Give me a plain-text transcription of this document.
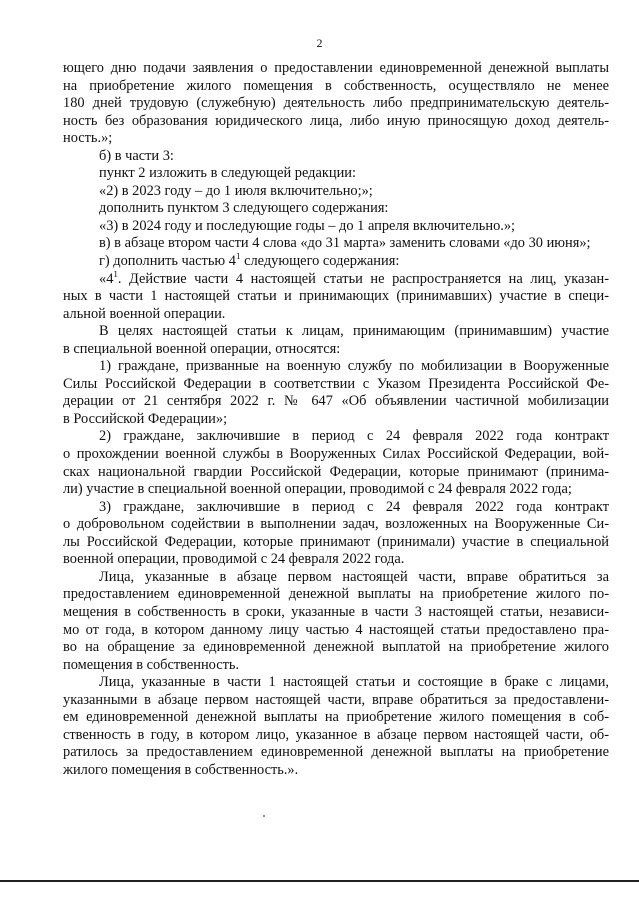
2
ющего дню подачи заявления о предоставлении единовременной денежной выплаты
на приобретение жилого помещения в собственность, осуществляло не менее
180 дней трудовую (служебную) деятельность либо предпринимательскую деятель-
ность без образования юридического лица, либо иную приносящую доход деятель-
ность.»;
б) в части 3:
пункт 2 изложить в следующей редакции:
«2) в 2023 году – до 1 июля включительно;»;
дополнить пунктом 3 следующего содержания:
«3) в 2024 году и последующие годы – до 1 апреля включительно.»;
в) в абзаце втором части 4 слова «до 31 марта» заменить словами «до 30 июня»;
г) дополнить частью $4^1$ следующего содержания:
«$4^1$. Действие части 4 настоящей статьи не распространяется на лиц, указан-
ных в части 1 настоящей статьи и принимающих (принимавших) участие в специ-
альной военной операции.
В целях настоящей статьи к лицам, принимающим (принимавшим) участие
в специальной военной операции, относятся:
1) граждане, призванные на военную службу по мобилизации в Вооруженные
Силы Российской Федерации в соответствии с Указом Президента Российской Фе-
дерации от 21 сентября 2022 г. № 647 «Об объявлении частичной мобилизации
в Российской Федерации»;
2) граждане, заключившие в период с 24 февраля 2022 года контракт
о прохождении военной службы в Вооруженных Силах Российской Федерации, вой-
сках национальной гвардии Российской Федерации, которые принимают (принима-
ли) участие в специальной военной операции, проводимой с 24 февраля 2022 года;
3) граждане, заключившие в период с 24 февраля 2022 года контракт
о добровольном содействии в выполнении задач, возложенных на Вооруженные Си-
лы Российской Федерации, которые принимают (принимали) участие в специальной
военной операции, проводимой с 24 февраля 2022 года.
Лица, указанные в абзаце первом настоящей части, вправе обратиться за
предоставлением единовременной денежной выплаты на приобретение жилого по-
мещения в собственность в сроки, указанные в части 3 настоящей статьи, независи-
мо от года, в котором данному лицу частью 4 настоящей статьи предоставлено пра-
во на обращение за единовременной денежной выплатой на приобретение жилого
помещения в собственность.
Лица, указанные в части 1 настоящей статьи и состоящие в браке с лицами,
указанными в абзаце первом настоящей части, вправе обратиться за предоставлени-
ем единовременной денежной выплаты на приобретение жилого помещения в соб-
ственность в году, в котором лицо, указанное в абзаце первом настоящей части, об-
ратилось за предоставлением единовременной денежной выплаты на приобретение
жилого помещения в собственность.».
